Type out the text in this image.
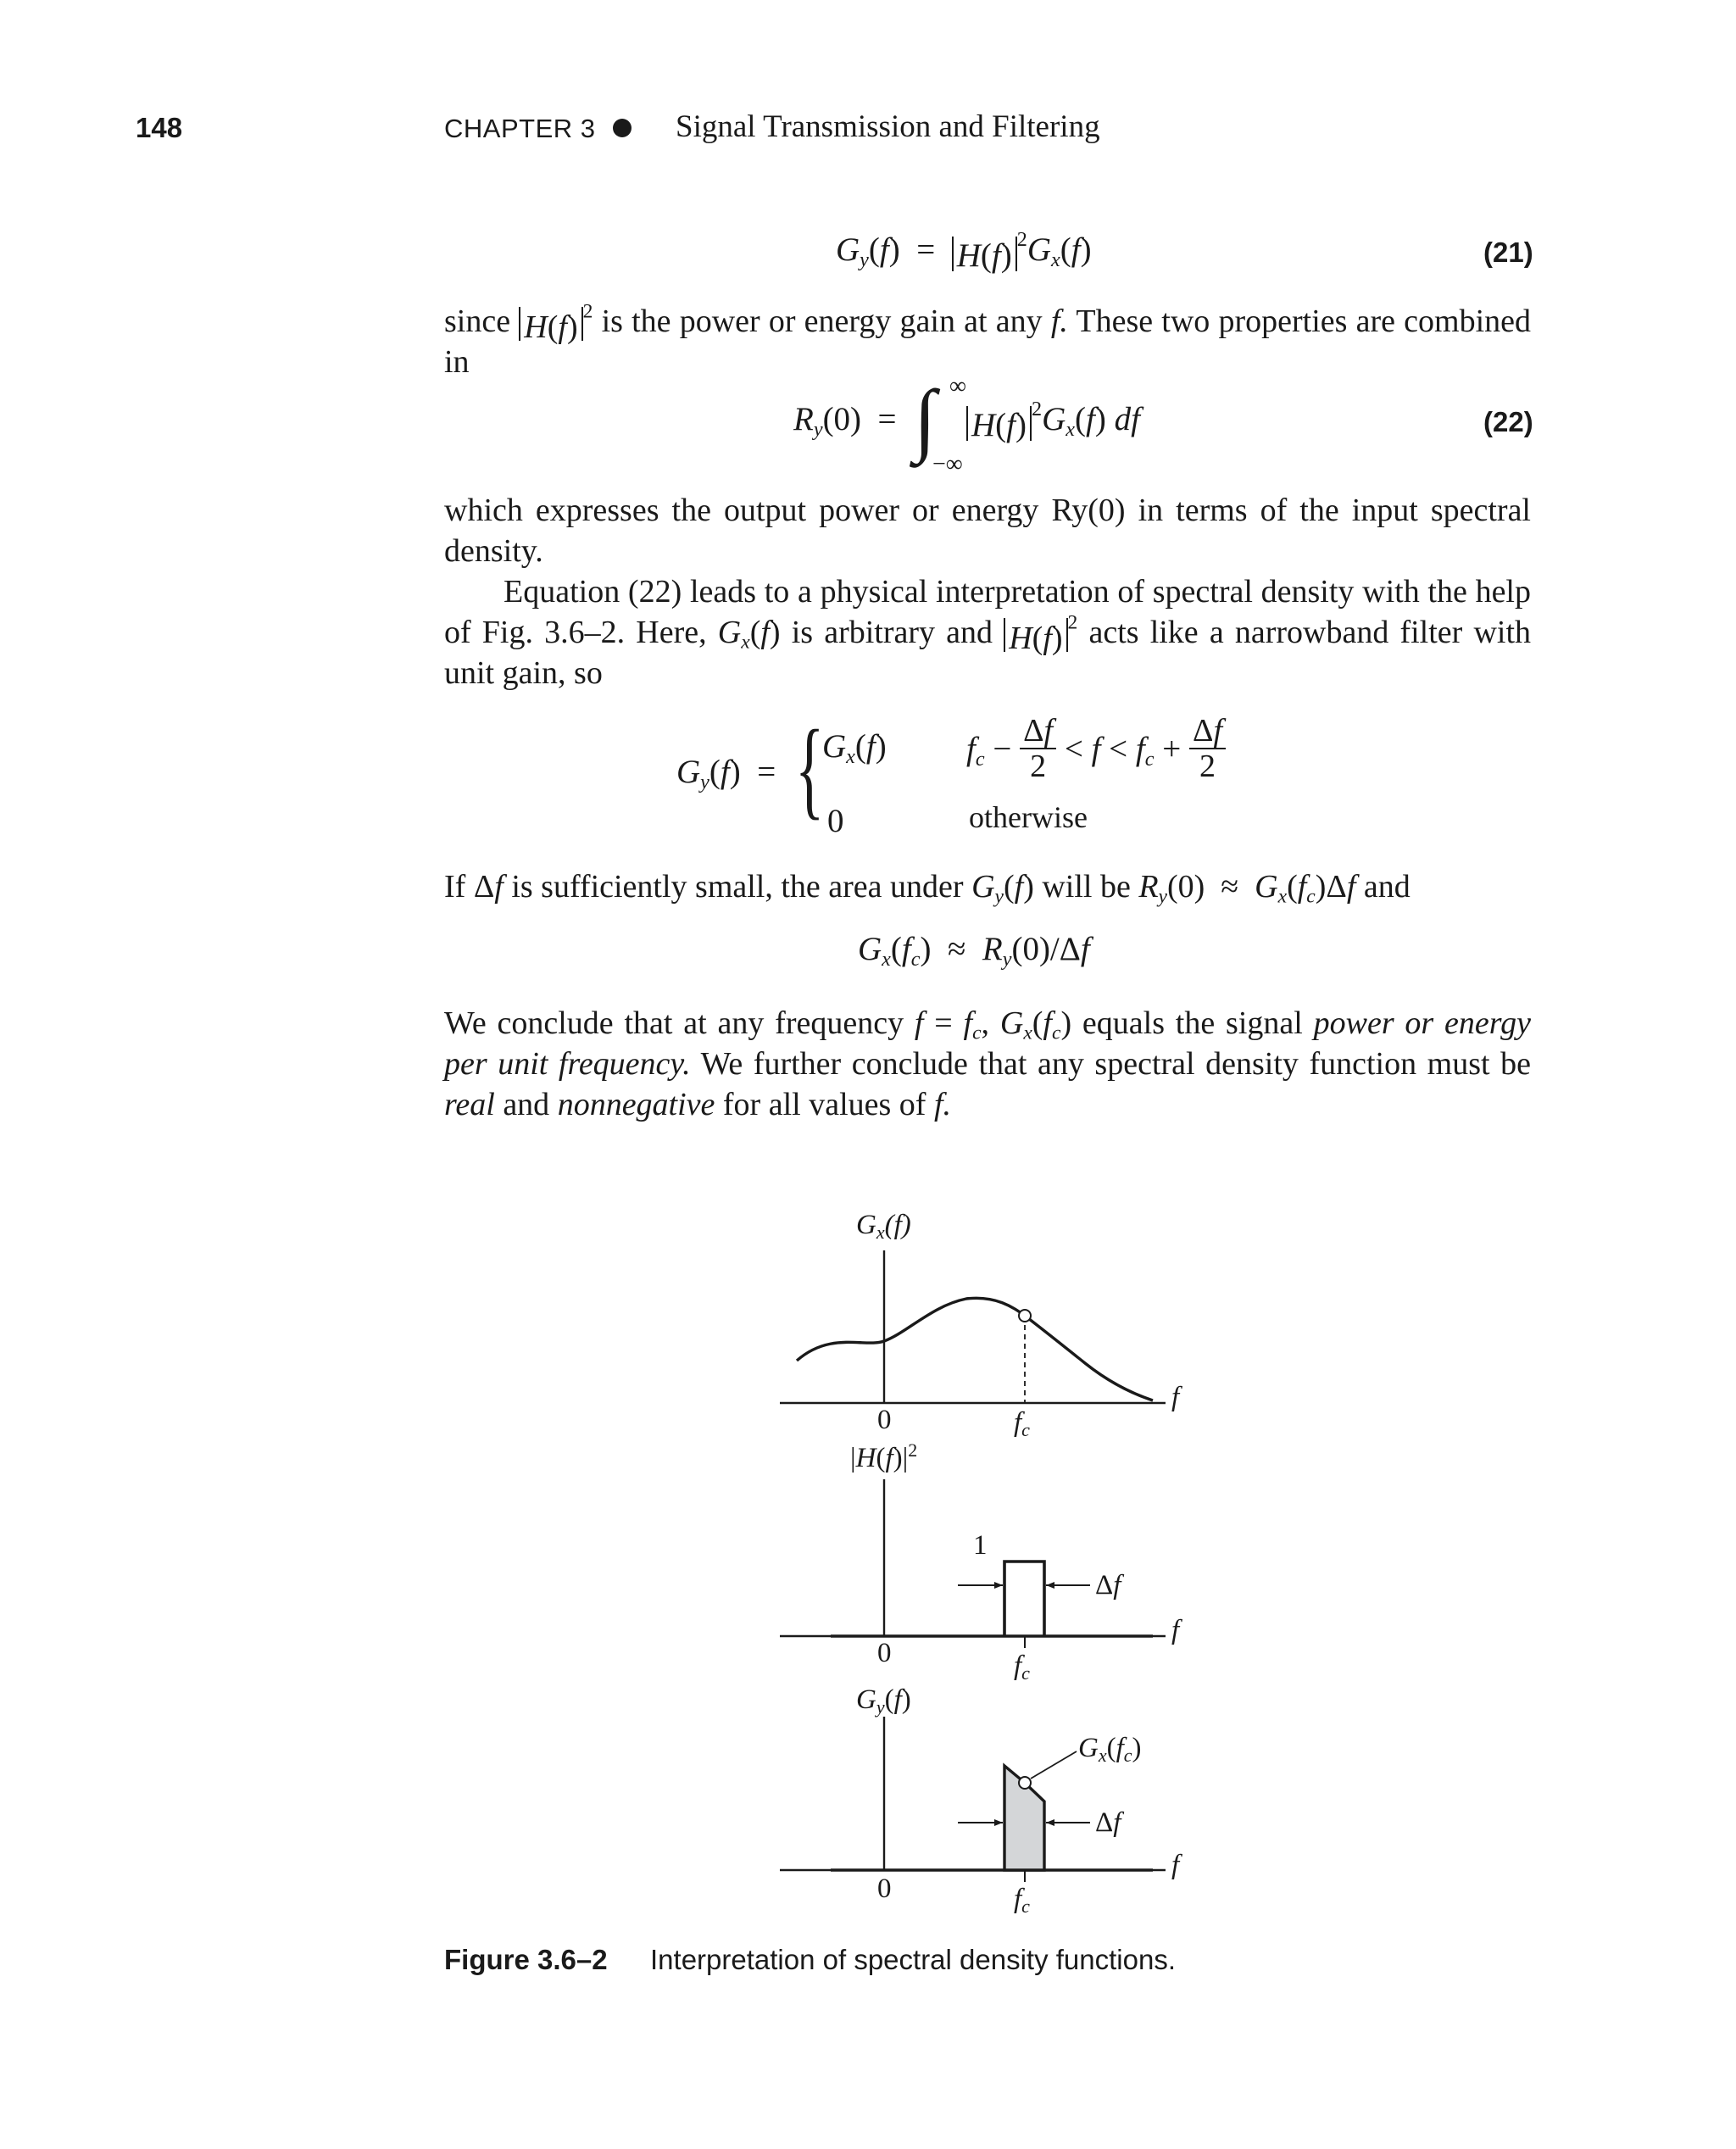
148	CHAPTER 3	Signal Transmission and Filtering
$G_y(f) = H(f)$ $^2G_x(f)$	(21)
since H(f) $^2$ is the power or energy gain at any f. These two properties are combined in
$R_y(0)$  = ∫ ∞
−∞
H(f) $^2G_x(f)$ df	(22)
which expresses the output power or energy Ry(0) in terms of the input spectral density.
Equation (22) leads to a physical interpretation of spectral density with the help of Fig. 3.6–2. Here, $G_x(f)$ is arbitrary and H(f) $^2$ acts like a narrowband filter with unit gain, so
$G_y(f)$  = {
$G_x(f) f_c - \frac{\Delta f}{2} < f < f_c + \frac{\Delta f}{2}$
0	otherwise
If Δf is sufficiently small, the area under $G_y(f)$ will be $R_y(0) \approx G_x(f_c)\Delta f$ and
$G_x(f_c) \approx R_y(0)/\Delta f$
We conclude that at any frequency $f = f_c$, $G_x(f_c)$ equals the signal power or energy per unit frequency. We further conclude that any spectral density function must be real and nonnegative for all values of f.
Gx(f)
0	fc
f
$|H(f)|^2$
1
Δf
0	fc
f
Gy(f)
Gx(fc)
Δf
0	fc
f
Figure 3.6–2 Interpretation of spectral density functions.
